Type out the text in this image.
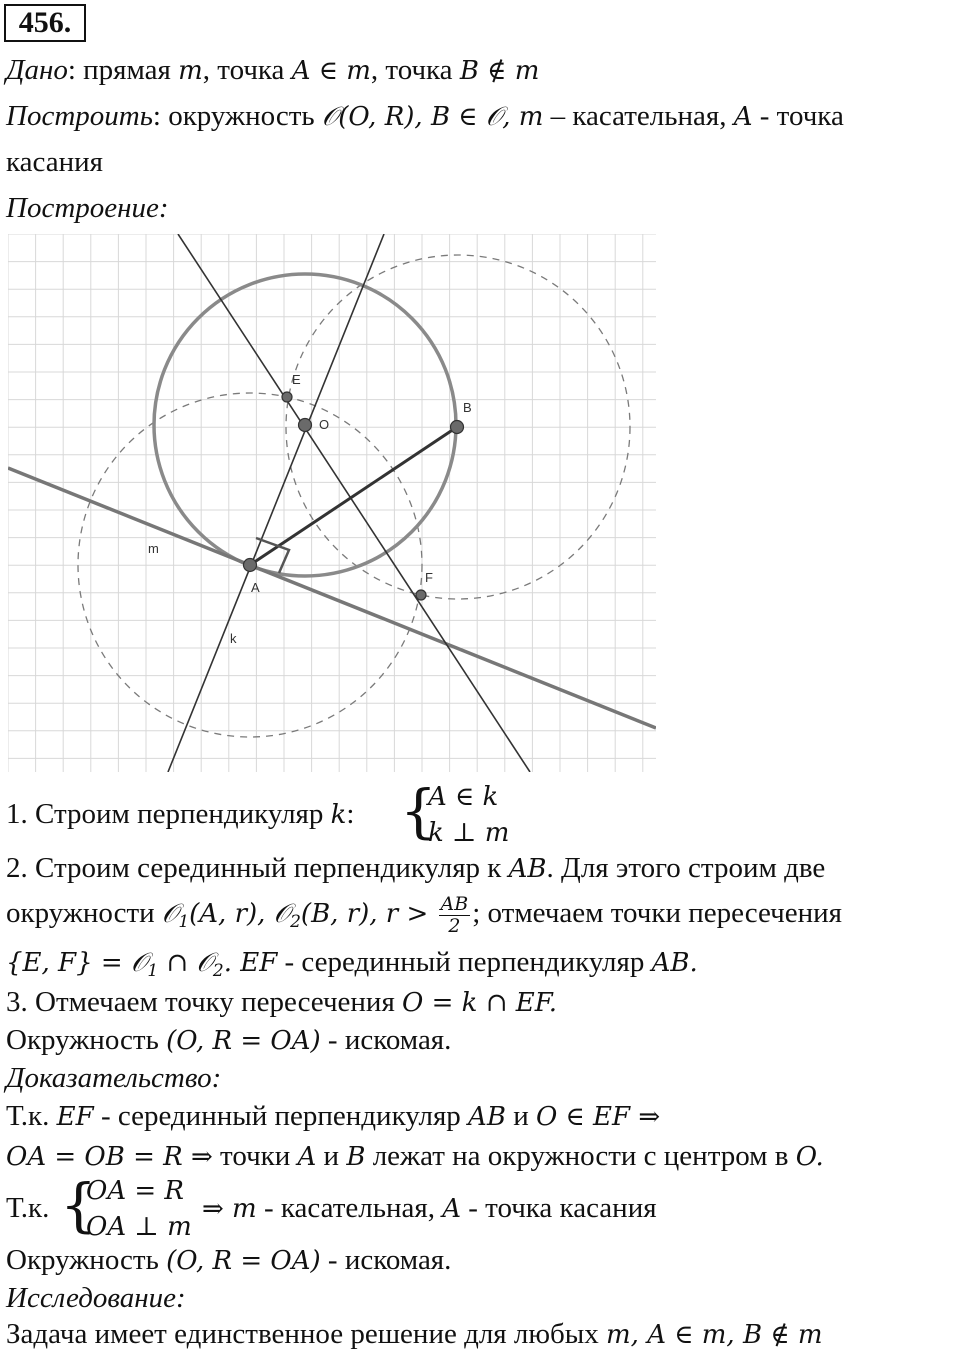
456.
Дано: прямая m, точка A ∈ m, точка B ∉ m
Построить: окружность 𝒪(O, R), B ∈ 𝒪, m – касательная, A - точка
касания
Построение:
E
O
B
F
A
m
k
1. Строим перпендикуляр k: {
A ∈ k
k ⊥ m
2. Строим серединный перпендикуляр к AB. Для этого строим две
окружности 𝒪$_1$(A, r), 𝒪$_2$(B, r), $r > \frac{AB}{2}$ ; отмечаем точки пересечения
{E, F} = 𝒪$_1$ ∩ 𝒪$_2$. EF - серединный перпендикуляр AB.
3. Отмечаем точку пересечения O = k ∩ EF.
Окружность (O, R = OA) - искомая.
Доказательство:
Т.к. EF - серединный перпендикуляр AB и O ∈ EF ⇒
OA = OB = R ⇒ точки A и B лежат на окружности с центром в O.
Т.к. {
OA = R
OA ⊥ m
⇒ m - касательная, A - точка касания
Окружность (O, R = OA) - искомая.
Исследование:
Задача имеет единственное решение для любых m, A ∈ m, B ∉ m
